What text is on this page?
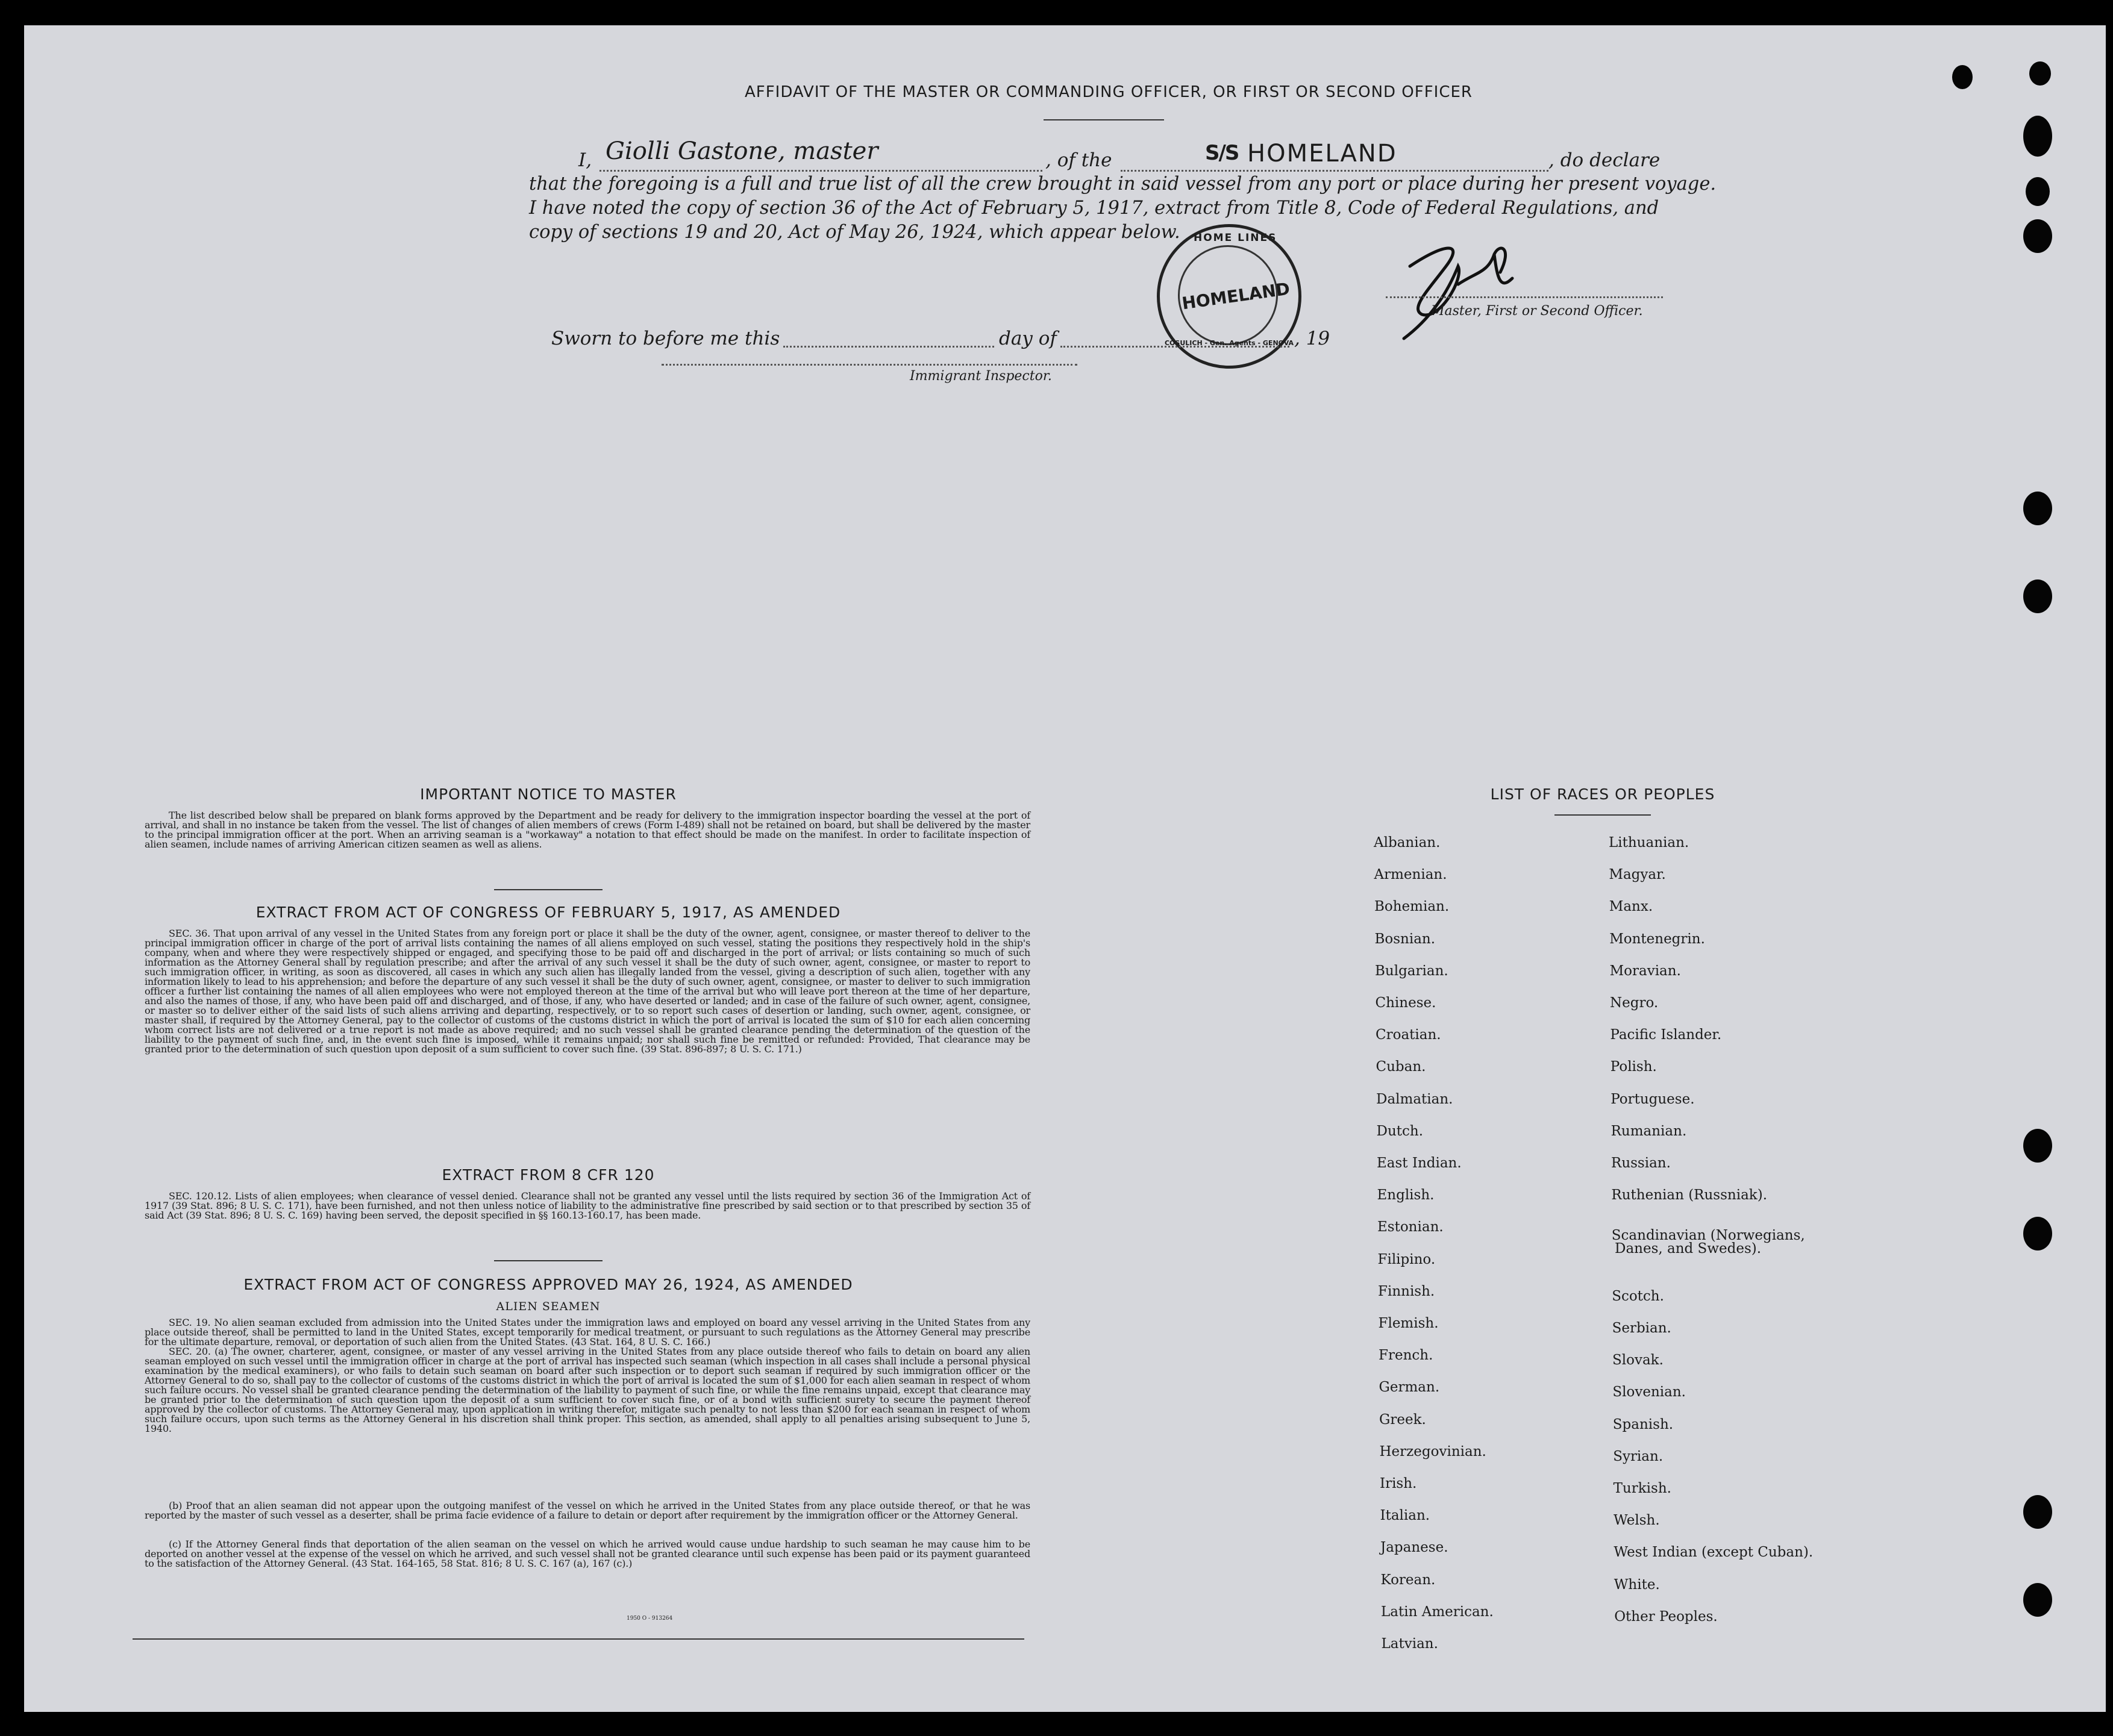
AFFIDAVIT OF THE MASTER OR COMMANDING OFFICER, OR FIRST OR SECOND OFFICER
I, Giolli Gastone, master	, of the	S/S HOMELAND	, do declare
that the foregoing is a full and true list of all the crew brought in said vessel from any port or place during her present voyage.
I have noted the copy of section 36 of the Act of February 5, 1917, extract from Title 8, Code of Federal Regulations, and
copy of sections 19 and 20, Act of May 26, 1924, which appear below. HOME LINES
HOMELAND
COSULICH - Gen. Agents - GENOVA
Master, First or Second Officer.
Sworn to before me this	day of	, 19
Immigrant Inspector.
IMPORTANT NOTICE TO MASTER
The list described below shall be prepared on blank forms approved by the Department and be ready for delivery to the immigration inspector boarding the vessel at the port of arrival, and shall in no instance be taken from the vessel. The list of changes of alien members of crews (Form I-489) shall not be retained on board, but shall be delivered by the master to the principal immigration officer at the port. When an arriving seaman is a "workaway" a notation to that effect should be made on the manifest. In order to facilitate inspection of alien seamen, include names of arriving American citizen seamen as well as aliens.
EXTRACT FROM ACT OF CONGRESS OF FEBRUARY 5, 1917, AS AMENDED
SEC. 36. That upon arrival of any vessel in the United States from any foreign port or place it shall be the duty of the owner, agent, consignee, or master thereof to deliver to the principal immigration officer in charge of the port of arrival lists containing the names of all aliens employed on such vessel, stating the positions they respectively hold in the ship's company, when and where they were respectively shipped or engaged, and specifying those to be paid off and discharged in the port of arrival; or lists containing so much of such information as the Attorney General shall by regulation prescribe; and after the arrival of any such vessel it shall be the duty of such owner, agent, consignee, or master to report to such immigration officer, in writing, as soon as discovered, all cases in which any such alien has illegally landed from the vessel, giving a description of such alien, together with any information likely to lead to his apprehension; and before the departure of any such vessel it shall be the duty of such owner, agent, consignee, or master to deliver to such immigration officer a further list containing the names of all alien employees who were not employed thereon at the time of the arrival but who will leave port thereon at the time of her departure, and also the names of those, if any, who have been paid off and discharged, and of those, if any, who have deserted or landed; and in case of the failure of such owner, agent, consignee, or master so to deliver either of the said lists of such aliens arriving and departing, respectively, or to so report such cases of desertion or landing, such owner, agent, consignee, or master shall, if required by the Attorney General, pay to the collector of customs of the customs district in which the port of arrival is located the sum of $10 for each alien concerning whom correct lists are not delivered or a true report is not made as above required; and no such vessel shall be granted clearance pending the determination of the question of the liability to the payment of such fine, and, in the event such fine is imposed, while it remains unpaid; nor shall such fine be remitted or refunded: Provided, That clearance may be granted prior to the determination of such question upon deposit of a sum sufficient to cover such fine. (39 Stat. 896-897; 8 U. S. C. 171.)
EXTRACT FROM 8 CFR 120
SEC. 120.12. Lists of alien employees; when clearance of vessel denied. Clearance shall not be granted any vessel until the lists required by section 36 of the Immigration Act of 1917 (39 Stat. 896; 8 U. S. C. 171), have been furnished, and not then unless notice of liability to the administrative fine prescribed by said section or to that prescribed by section 35 of said Act (39 Stat. 896; 8 U. S. C. 169) having been served, the deposit specified in §§ 160.13-160.17, has been made.
EXTRACT FROM ACT OF CONGRESS APPROVED MAY 26, 1924, AS AMENDED
ALIEN SEAMEN
SEC. 19. No alien seaman excluded from admission into the United States under the immigration laws and employed on board any vessel arriving in the United States from any place outside thereof, shall be permitted to land in the United States, except temporarily for medical treatment, or pursuant to such regulations as the Attorney General may prescribe for the ultimate departure, removal, or deportation of such alien from the United States. (43 Stat. 164, 8 U. S. C. 166.)
SEC. 20. (a) The owner, charterer, agent, consignee, or master of any vessel arriving in the United States from any place outside thereof who fails to detain on board any alien seaman employed on such vessel until the immigration officer in charge at the port of arrival has inspected such seaman (which inspection in all cases shall include a personal physical examination by the medical examiners), or who fails to detain such seaman on board after such inspection or to deport such seaman if required by such immigration officer or the Attorney General to do so, shall pay to the collector of customs of the customs district in which the port of arrival is located the sum of $1,000 for each alien seaman in respect of whom such failure occurs. No vessel shall be granted clearance pending the determination of the liability to payment of such fine, or while the fine remains unpaid, except that clearance may be granted prior to the determination of such question upon the deposit of a sum sufficient to cover such fine, or of a bond with sufficient surety to secure the payment thereof approved by the collector of customs. The Attorney General may, upon application in writing therefor, mitigate such penalty to not less than $200 for each seaman in respect of whom such failure occurs, upon such terms as the Attorney General in his discretion shall think proper. This section, as amended, shall apply to all penalties arising subsequent to June 5, 1940.
(b) Proof that an alien seaman did not appear upon the outgoing manifest of the vessel on which he arrived in the United States from any place outside thereof, or that he was reported by the master of such vessel as a deserter, shall be prima facie evidence of a failure to detain or deport after requirement by the immigration officer or the Attorney General.
(c) If the Attorney General finds that deportation of the alien seaman on the vessel on which he arrived would cause undue hardship to such seaman he may cause him to be deported on another vessel at the expense of the vessel on which he arrived, and such vessel shall not be granted clearance until such expense has been paid or its payment guaranteed to the satisfaction of the Attorney General. (43 Stat. 164-165, 58 Stat. 816; 8 U. S. C. 167 (a), 167 (c).)
1950 O - 913264
LIST OF RACES OR PEOPLES
Albanian.
Armenian.
Bohemian.
Bosnian.
Bulgarian.
Chinese.
Croatian.
Cuban.
Dalmatian.
Dutch.
East Indian.
English.
Estonian.
Filipino.
Finnish.
Flemish.
French.
German.
Greek.
Herzegovinian.
Irish.
Italian.
Japanese.
Korean.
Latin American.
Latvian.
Lithuanian.
Magyar.
Manx.
Montenegrin.
Moravian.
Negro.
Pacific Islander.
Polish.
Portuguese.
Rumanian.
Russian.
Ruthenian (Russniak).
Scandinavian (Norwegians,
Scotch.
Serbian.
Slovak.
Slovenian.
Spanish.
Syrian.
Turkish.
Welsh.
West Indian (except Cuban).
White.
Other Peoples.
Danes, and Swedes).
